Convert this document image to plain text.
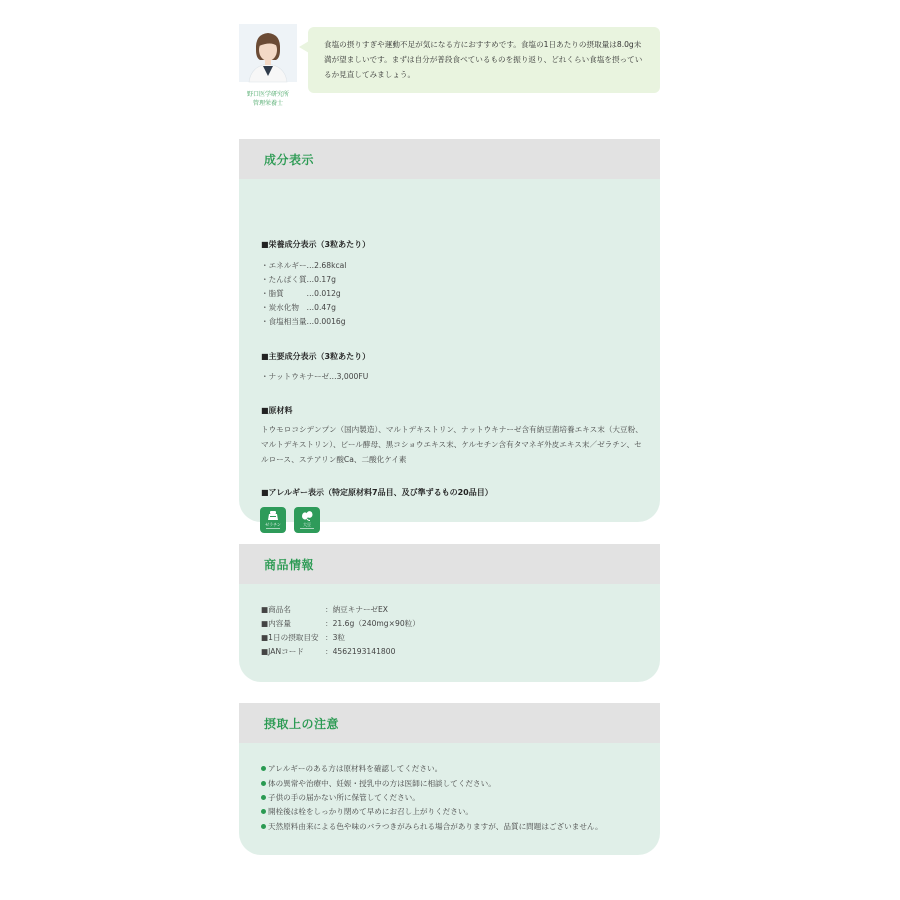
野口医学研究所
管理栄養士
食塩の摂りすぎや運動不足が気になる方におすすめです。食塩の1日あたりの摂取量は8.0g未満が望ましいです。まずは自分が普段食べているものを振り返り、どれくらい食塩を摂っているか見直してみましょう。
成分表示
■栄養成分表示（3粒あたり）
・エネルギー…2.68kcal
・たんぱく質…0.17g
・脂質　　　…0.012g
・炭水化物　…0.47g
・食塩相当量…0.0016g
■主要成分表示（3粒あたり）
・ナットウキナーゼ…3,000FU
■原材料
トウモロコシデンプン（国内製造）、マルトデキストリン、ナットウキナーゼ含有納豆菌培養エキス末（大豆粉、マルトデキストリン）、ビール酵母、黒コショウエキス末、ケルセチン含有タマネギ外皮エキス末／ゼラチン、セルロース、ステアリン酸Ca、二酸化ケイ素
■アレルギー表示（特定原材料7品目、及び準ずるもの20品目）
ゼラチン	大豆
商品情報
■商品名	：納豆キナーゼEX
■内容量	：21.6g（240mg×90粒）
■1日の摂取目安 ：3粒
■JANコード	：4562193141800
摂取上の注意
アレルギーのある方は原材料を確認してください。
体の異常や治療中、妊娠・授乳中の方は医師に相談してください。
子供の手の届かない所に保管してください。
開栓後は栓をしっかり閉めて早めにお召し上がりください。
天然原料由来による色や味のバラつきがみられる場合がありますが、品質に問題はございません。
